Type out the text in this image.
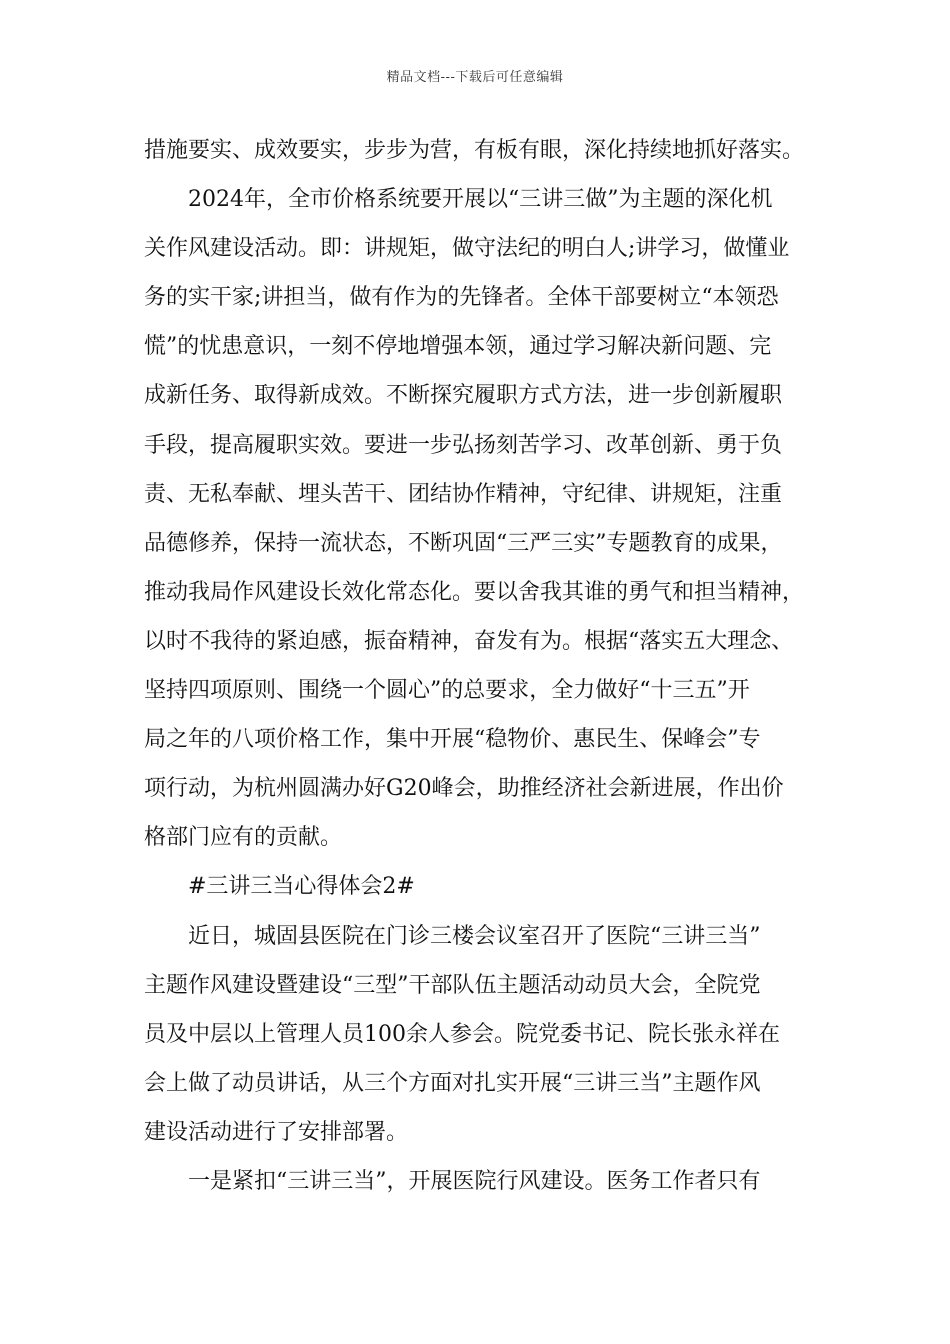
精品文档---下载后可任意编辑
措施要实、成效要实，步步为营，有板有眼，深化持续地抓好落实。
2024年，全市价格系统要开展以“三讲三做”为主题的深化机
关作风建设活动。即：讲规矩，做守法纪的明白人;讲学习，做懂业
务的实干家;讲担当，做有作为的先锋者。全体干部要树立“本领恐
慌”的忧患意识，一刻不停地增强本领，通过学习解决新问题、完
成新任务、取得新成效。不断探究履职方式方法，进一步创新履职
手段，提高履职实效。要进一步弘扬刻苦学习、改革创新、勇于负
责、无私奉献、埋头苦干、团结协作精神，守纪律、讲规矩，注重
品德修养，保持一流状态，不断巩固“三严三实”专题教育的成果，
推动我局作风建设长效化常态化。要以舍我其谁的勇气和担当精神，
以时不我待的紧迫感，振奋精神，奋发有为。根据“落实五大理念、
坚持四项原则、围绕一个圆心”的总要求，全力做好“十三五”开
局之年的八项价格工作，集中开展“稳物价、惠民生、保峰会”专
项行动，为杭州圆满办好G20峰会，助推经济社会新进展，作出价
格部门应有的贡献。
#三讲三当心得体会2#
近日，城固县医院在门诊三楼会议室召开了医院“三讲三当”
主题作风建设暨建设“三型”干部队伍主题活动动员大会，全院党
员及中层以上管理人员100余人参会。院党委书记、院长张永祥在
会上做了动员讲话，从三个方面对扎实开展“三讲三当”主题作风
建设活动进行了安排部署。
一是紧扣“三讲三当”，开展医院行风建设。医务工作者只有
